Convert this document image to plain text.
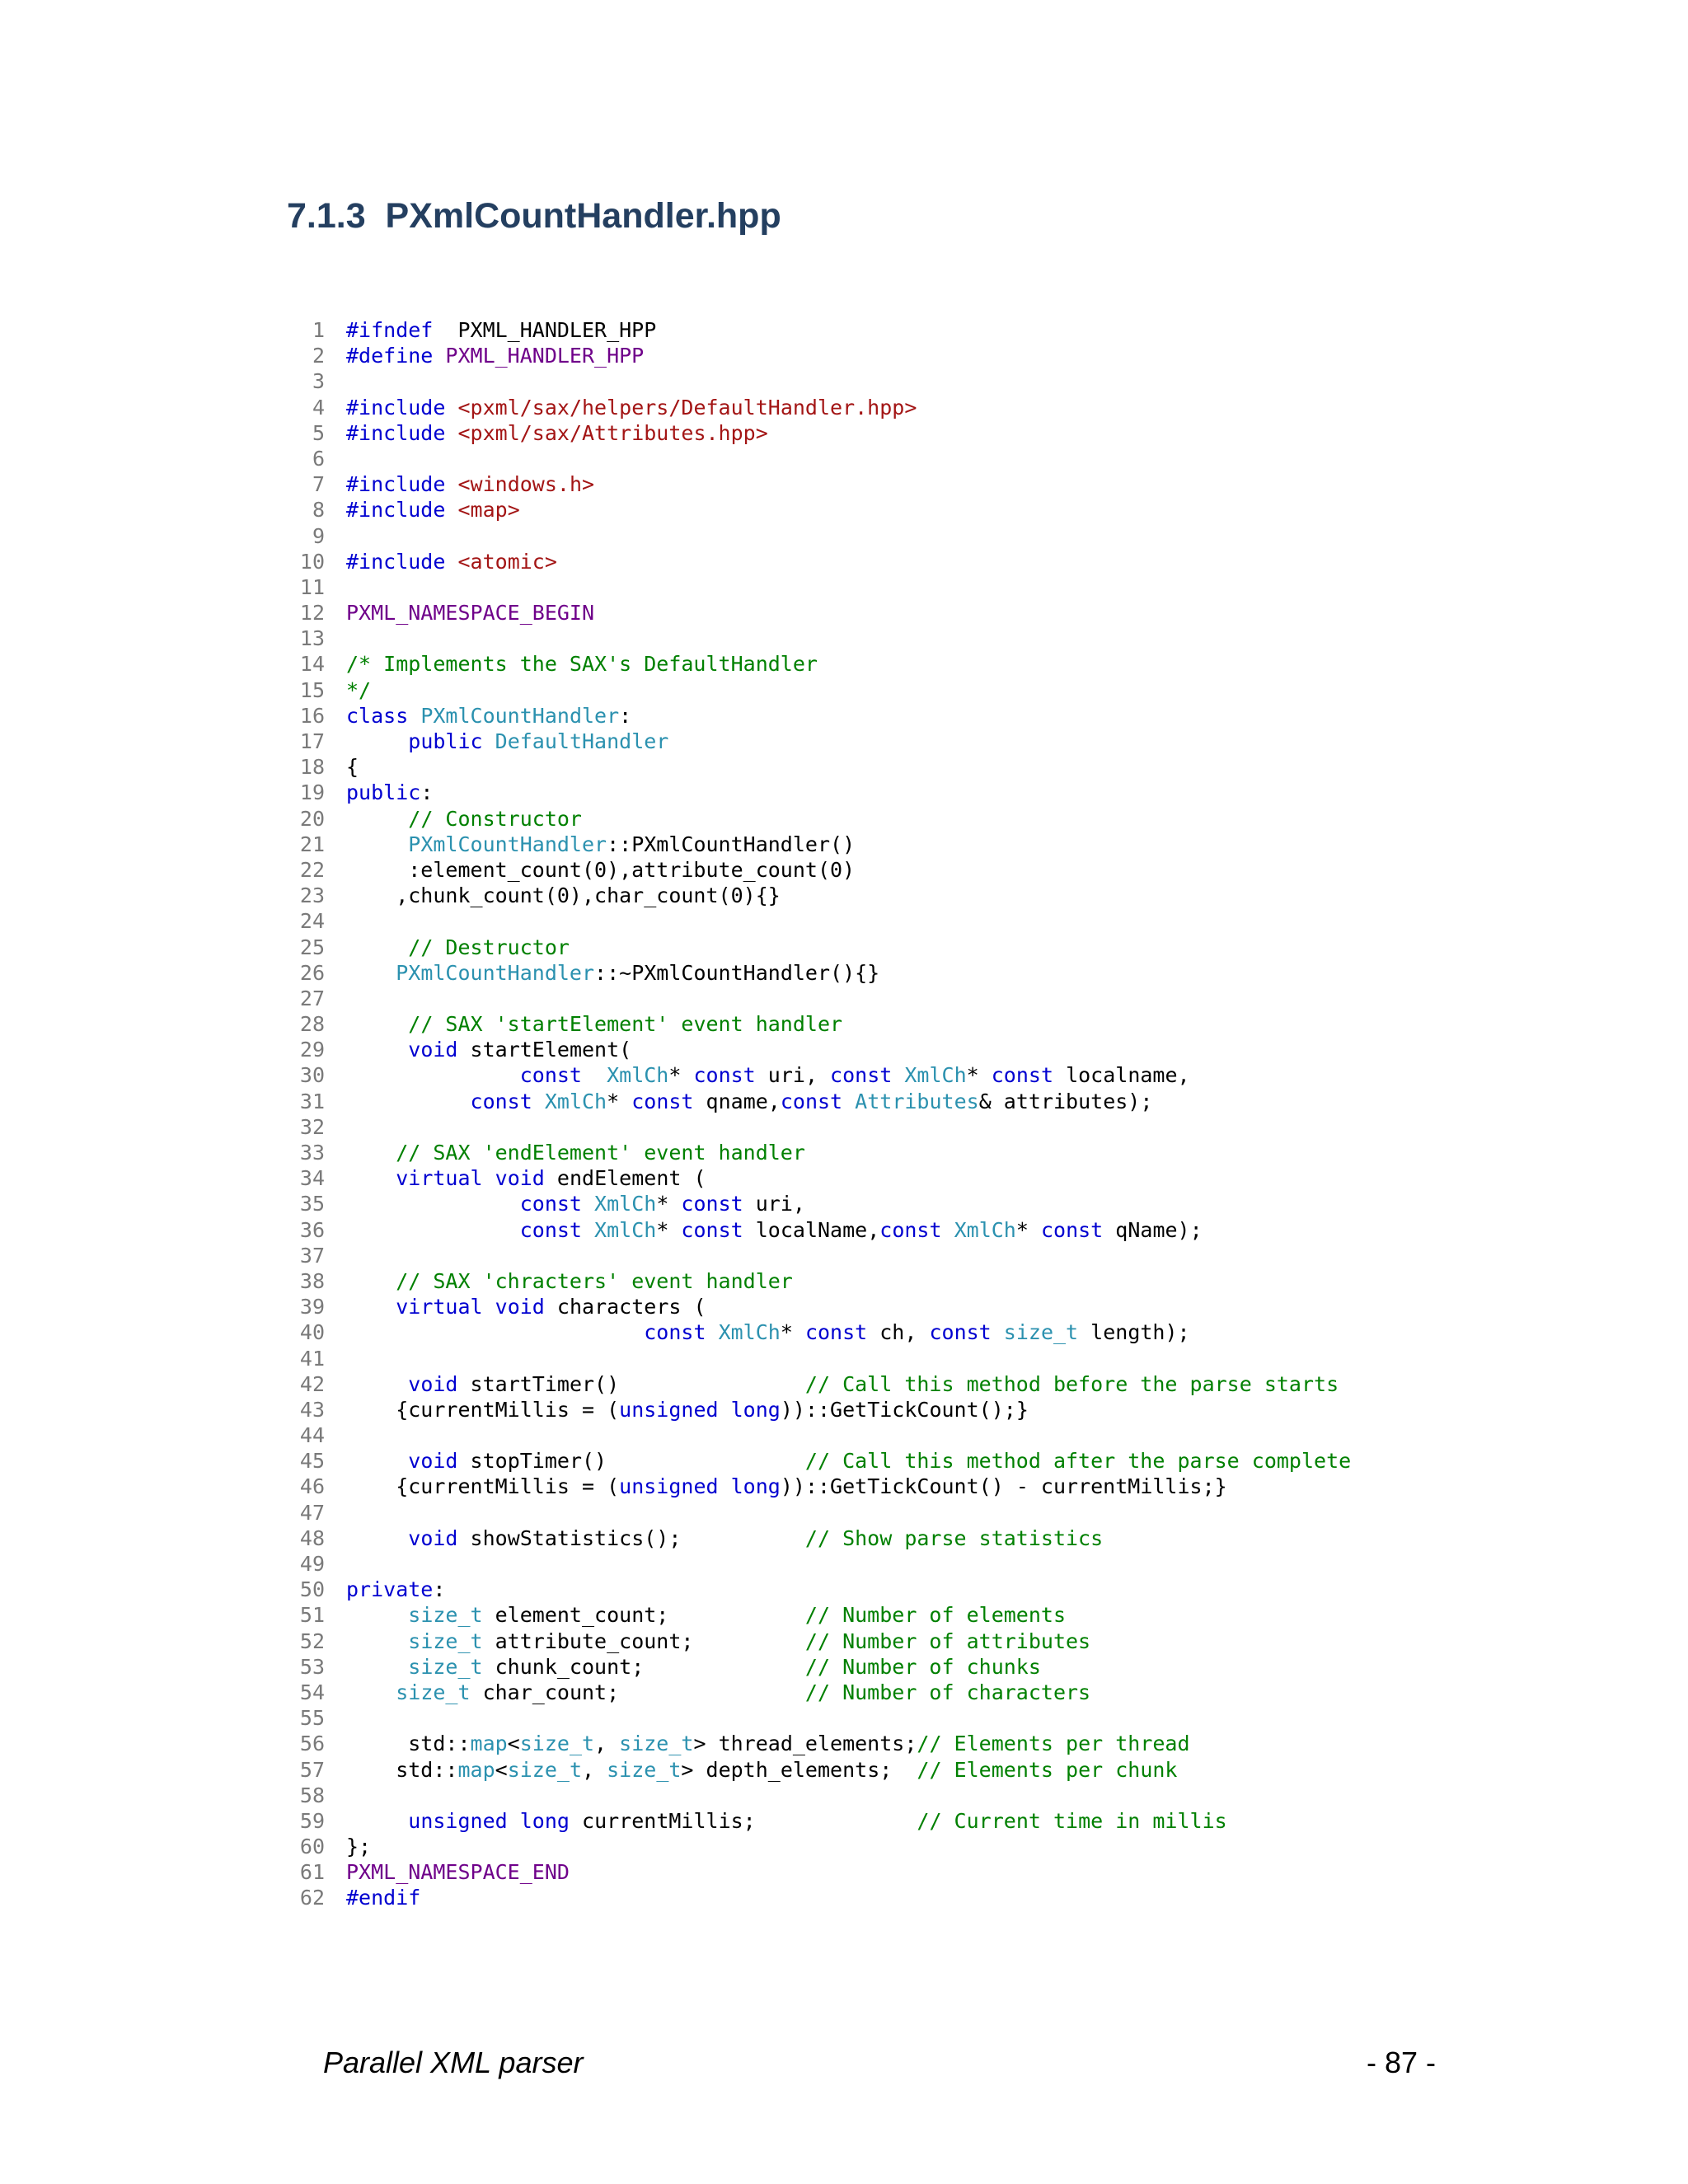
7.1.3  PXmlCountHandler.hpp
1 #ifndef  PXML_HANDLER_HPP
2 #define PXML_HANDLER_HPP
3
4 #include <pxml/sax/helpers/DefaultHandler.hpp>
5 #include <pxml/sax/Attributes.hpp>
6
7 #include <windows.h>
8 #include <map>
9
10 #include <atomic>
11
12 PXML_NAMESPACE_BEGIN
13
14 /* Implements the SAX's DefaultHandler
15 */
16 class PXmlCountHandler:
17	public DefaultHandler
18 {
19 public:
20	// Constructor
21	PXmlCountHandler::PXmlCountHandler()
22     :element_count(0),attribute_count(0)
23    ,chunk_count(0),char_count(0){}
24
25	// Destructor
26	PXmlCountHandler::~PXmlCountHandler(){}
27
28	// SAX 'startElement' event handler
29	void startElement(
30	const XmlCh* const uri, const XmlCh* const localname,
31	const XmlCh* const qname,const Attributes& attributes);
32
33	// SAX 'endElement' event handler
34	virtual void endElement (
35	const XmlCh* const uri,
36	const XmlCh* const localName,const XmlCh* const qName);
37
38	// SAX 'chracters' event handler
39	virtual void characters (
40	const XmlCh* const ch, const size_t length);
41
42	void startTimer()               // Call this method before the parse starts
43    {currentMillis = (unsigned long))::GetTickCount();}
44
45	void stopTimer()                // Call this method after the parse complete
46    {currentMillis = (unsigned long))::GetTickCount() - currentMillis;}
47
48	void showStatistics();          // Show parse statistics
49
50 private:
51	size_t element_count;           // Number of elements
52	size_t attribute_count;         // Number of attributes
53	size_t chunk_count;             // Number of chunks
54	size_t char_count;               // Number of characters
55
56     std::map<size_t, size_t> thread_elements;// Elements per thread
57    std::map<size_t, size_t> depth_elements;  // Elements per chunk
58
59	unsigned long currentMillis;             // Current time in millis
60 };
61 PXML_NAMESPACE_END
62 #endif
Parallel XML parser	- 87 -
